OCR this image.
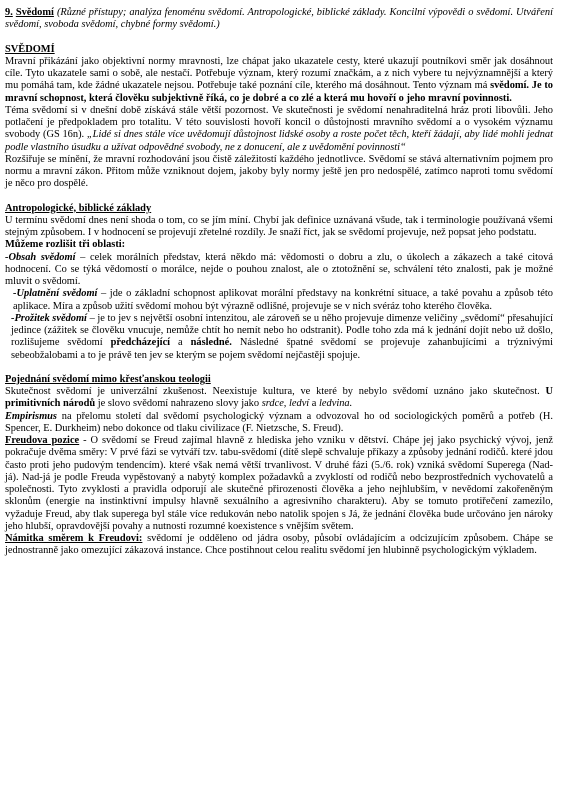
9. Svědomí (Různé přístupy; analýza fenoménu svědomí. Antropologické, biblické základy. Koncilní výpovědi o svědomí. Utváření svědomí, svoboda svědomí, chybné formy svědomí.)

SVĚDOMÍ

Mravní přikázání jako objektivní normy mravnosti, lze chápat jako ukazatele cesty, které ukazují poutníkovi směr jak dosáhnout cíle. Tyto ukazatele sami o sobě, ale nestačí. Potřebuje význam, který rozumí značkám, a z nich vybere tu nejvýznamnější a který mu pomáhá tam, kde žádné ukazatele nejsou. Potřebuje také poznání cíle, kterého má dosáhnout. Tento význam má svědomí. Je to mravní schopnost, která člověku subjektivně říká, co je dobré a co zlé a která mu hovoří o jeho mravní povinnosti.

Téma svědomí si v dnešní době získává stále větší pozornost. Ve skutečnosti je svědomí nenahraditelná hráz proti libovůli. Jeho potlačení je předpokladem pro totalitu. V této souvislosti hovoří koncil o důstojnosti mravního svědomí a o vysokém významu svobody (GS 16n). „Lidé si dnes stále více uvědomují důstojnost lidské osoby a roste počet těch, kteří žádají, aby lidé mohli jednat podle vlastního úsudku a užívat odpovědné svobody, ne z donucení, ale z uvědomění povinnosti“

Rozšiřuje se mínění, že mravní rozhodování jsou čistě záležitostí každého jednotlivce. Svědomí se stává alternativním pojmem pro normu a mravní zákon. Přitom může vzniknout dojem, jakoby byly normy ještě jen pro nedospělé, zatímco naproti tomu svědomí je něco pro dospělé.

Antropologické, biblické základy

U termínu svědomí dnes není shoda o tom, co se jím míní. Chybí jak definice uznávaná všude, tak i terminologie používaná všemi stejným způsobem. I v hodnocení se projevují zřetelné rozdíly. Je snaží říct, jak se svědomí projevuje, než popsat jeho podstatu.

Můžeme rozlišit tři oblasti:

-Obsah svědomí – celek morálních představ, která někdo má: vědomosti o dobru a zlu, o úkolech a zákazech a také citová hodnocení. Co se týká vědomostí o morálce, nejde o pouhou znalost, ale o ztotožnění se, schválení této znalosti, pak je možné mluvit o svědomí.

-Uplatnění svědomí – jde o základní schopnost aplikovat morální představy na konkrétní situace, a také povahu a způsob této aplikace. Míra a způsob užití svědomí mohou být výrazně odlišné, projevuje se v nich svéráz toho kterého člověka.

-Prožitek svědomí – je to jev s největší osobní intenzitou, ale zároveň se u něho projevuje dimenze veličiny „svědomí“ přesahující jedince (zážitek se člověku vnucuje, nemůže chtít ho nemít nebo ho odstranit). Podle toho zda má k jednání dojít nebo už došlo, rozlišujeme svědomí předcházející a následné. Následné špatné svědomí se projevuje zahanbujícími a trýznivými sebeobžalobami a to je právě ten jev se kterým se pojem svědomí nejčastěji spojuje.

Pojednání svědomí mimo křesťanskou teologii

Skutečnost svědomí je univerzální zkušenost. Neexistuje kultura, ve které by nebylo svědomí uznáno jako skutečnost. U primitivních národů je slovo svědomí nahrazeno slovy jako srdce, ledví a ledvina.

Empirismus na přelomu století dal svědomí psychologický význam a odvozoval ho od sociologických poměrů a potřeb (H. Spencer, E. Durkheim) nebo dokonce od tlaku civilizace (F. Nietzsche, S. Freud).

Freudova pozice - O svědomí se Freud zajímal hlavně z hlediska jeho vzniku v dětství. Chápe jej jako psychický vývoj, jenž pokračuje dvěma směry: V prvé fázi se vytváří tzv. tabu-svědomí (dítě slepě schvaluje příkazy a způsoby jednání rodičů. které jdou často proti jeho pudovým tendencím). které však nemá větší trvanlivost. V druhé fázi (5./6. rok) vzniká svědomí Superega (Nad-já). Nad-já je podle Freuda vypěstovaný a nabytý komplex požadavků a zvyklostí od rodičů nebo bezprostředních vychovatelů a společnosti. Tyto zvyklosti a pravidla odporují ale skutečné přirozenosti člověka a jeho nejhlubším, v nevědomí zakořeněným sklonům (energie na instinktivní impulsy hlavně sexuálního a agresivního charakteru). Aby se tomuto protiřečení zamezilo, vyžaduje Freud, aby tlak superega byl stále více redukován nebo natolik spojen s Já, že jednání člověka bude určováno jen nároky jeho hlubší, opravdovější povahy a nutnosti rozumné koexistence s vnějším světem.

Námitka směrem k Freudovi: svědomí je odděleno od jádra osoby, působí ovládajícím a odcizujícím způsobem. Chápe se jednostranně jako omezující zákazová instance. Chce postihnout celou realitu svědomí jen hlubinně psychologickým výkladem.
